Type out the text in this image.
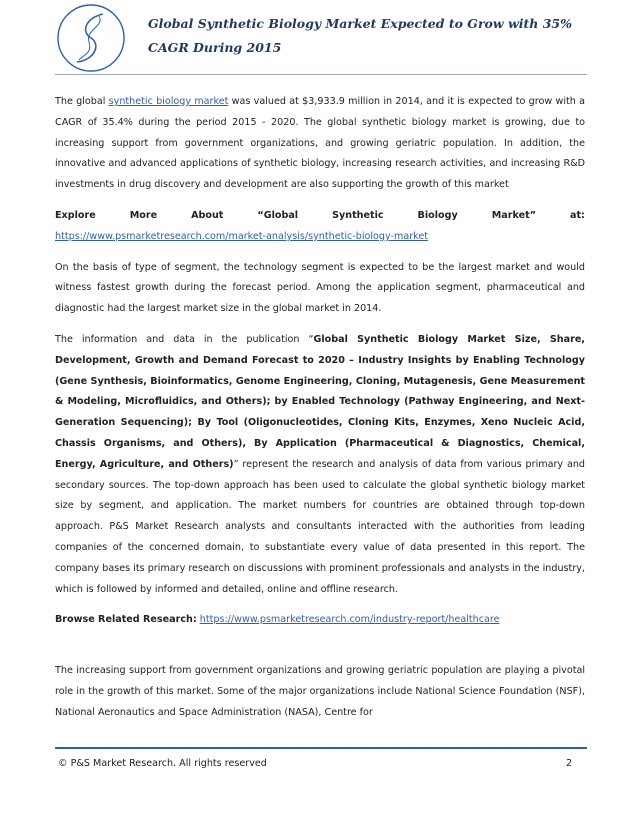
Global Synthetic Biology Market Expected to Grow with 35% CAGR During 2015

The global synthetic biology market was valued at $3,933.9 million in 2014, and it is expected to grow with a CAGR of 35.4% during the period 2015 - 2020. The global synthetic biology market is growing, due to increasing support from government organizations, and growing geriatric population. In addition, the innovative and advanced applications of synthetic biology, increasing research activities, and increasing R&D investments in drug discovery and development are also supporting the growth of this market

Explore	More	About	“Global	Synthetic	Biology	Market”	at:
https://www.psmarketresearch.com/market-analysis/synthetic-biology-market

On the basis of type of segment, the technology segment is expected to be the largest market and would witness fastest growth during the forecast period. Among the application segment, pharmaceutical and diagnostic had the largest market size in the global market in 2014.

The information and data in the publication “Global Synthetic Biology Market Size, Share, Development, Growth and Demand Forecast to 2020 – Industry Insights by Enabling Technology (Gene Synthesis, Bioinformatics, Genome Engineering, Cloning, Mutagenesis, Gene Measurement & Modeling, Microfluidics, and Others); by Enabled Technology (Pathway Engineering, and Next-Generation Sequencing); By Tool (Oligonucleotides, Cloning Kits, Enzymes, Xeno Nucleic Acid, Chassis Organisms, and Others), By Application (Pharmaceutical & Diagnostics, Chemical, Energy, Agriculture, and Others)” represent the research and analysis of data from various primary and secondary sources. The top-down approach has been used to calculate the global synthetic biology market size by segment, and application. The market numbers for countries are obtained through top-down approach. P&S Market Research analysts and consultants interacted with the authorities from leading companies of the concerned domain, to substantiate every value of data presented in this report. The company bases its primary research on discussions with prominent professionals and analysts in the industry, which is followed by informed and detailed, online and offline research.

Browse Related Research: https://www.psmarketresearch.com/industry-report/healthcare

The increasing support from government organizations and growing geriatric population are playing a pivotal role in the growth of this market. Some of the major organizations include National Science Foundation (NSF), National Aeronautics and Space Administration (NASA), Centre for

© P&S Market Research. All rights reserved	2
